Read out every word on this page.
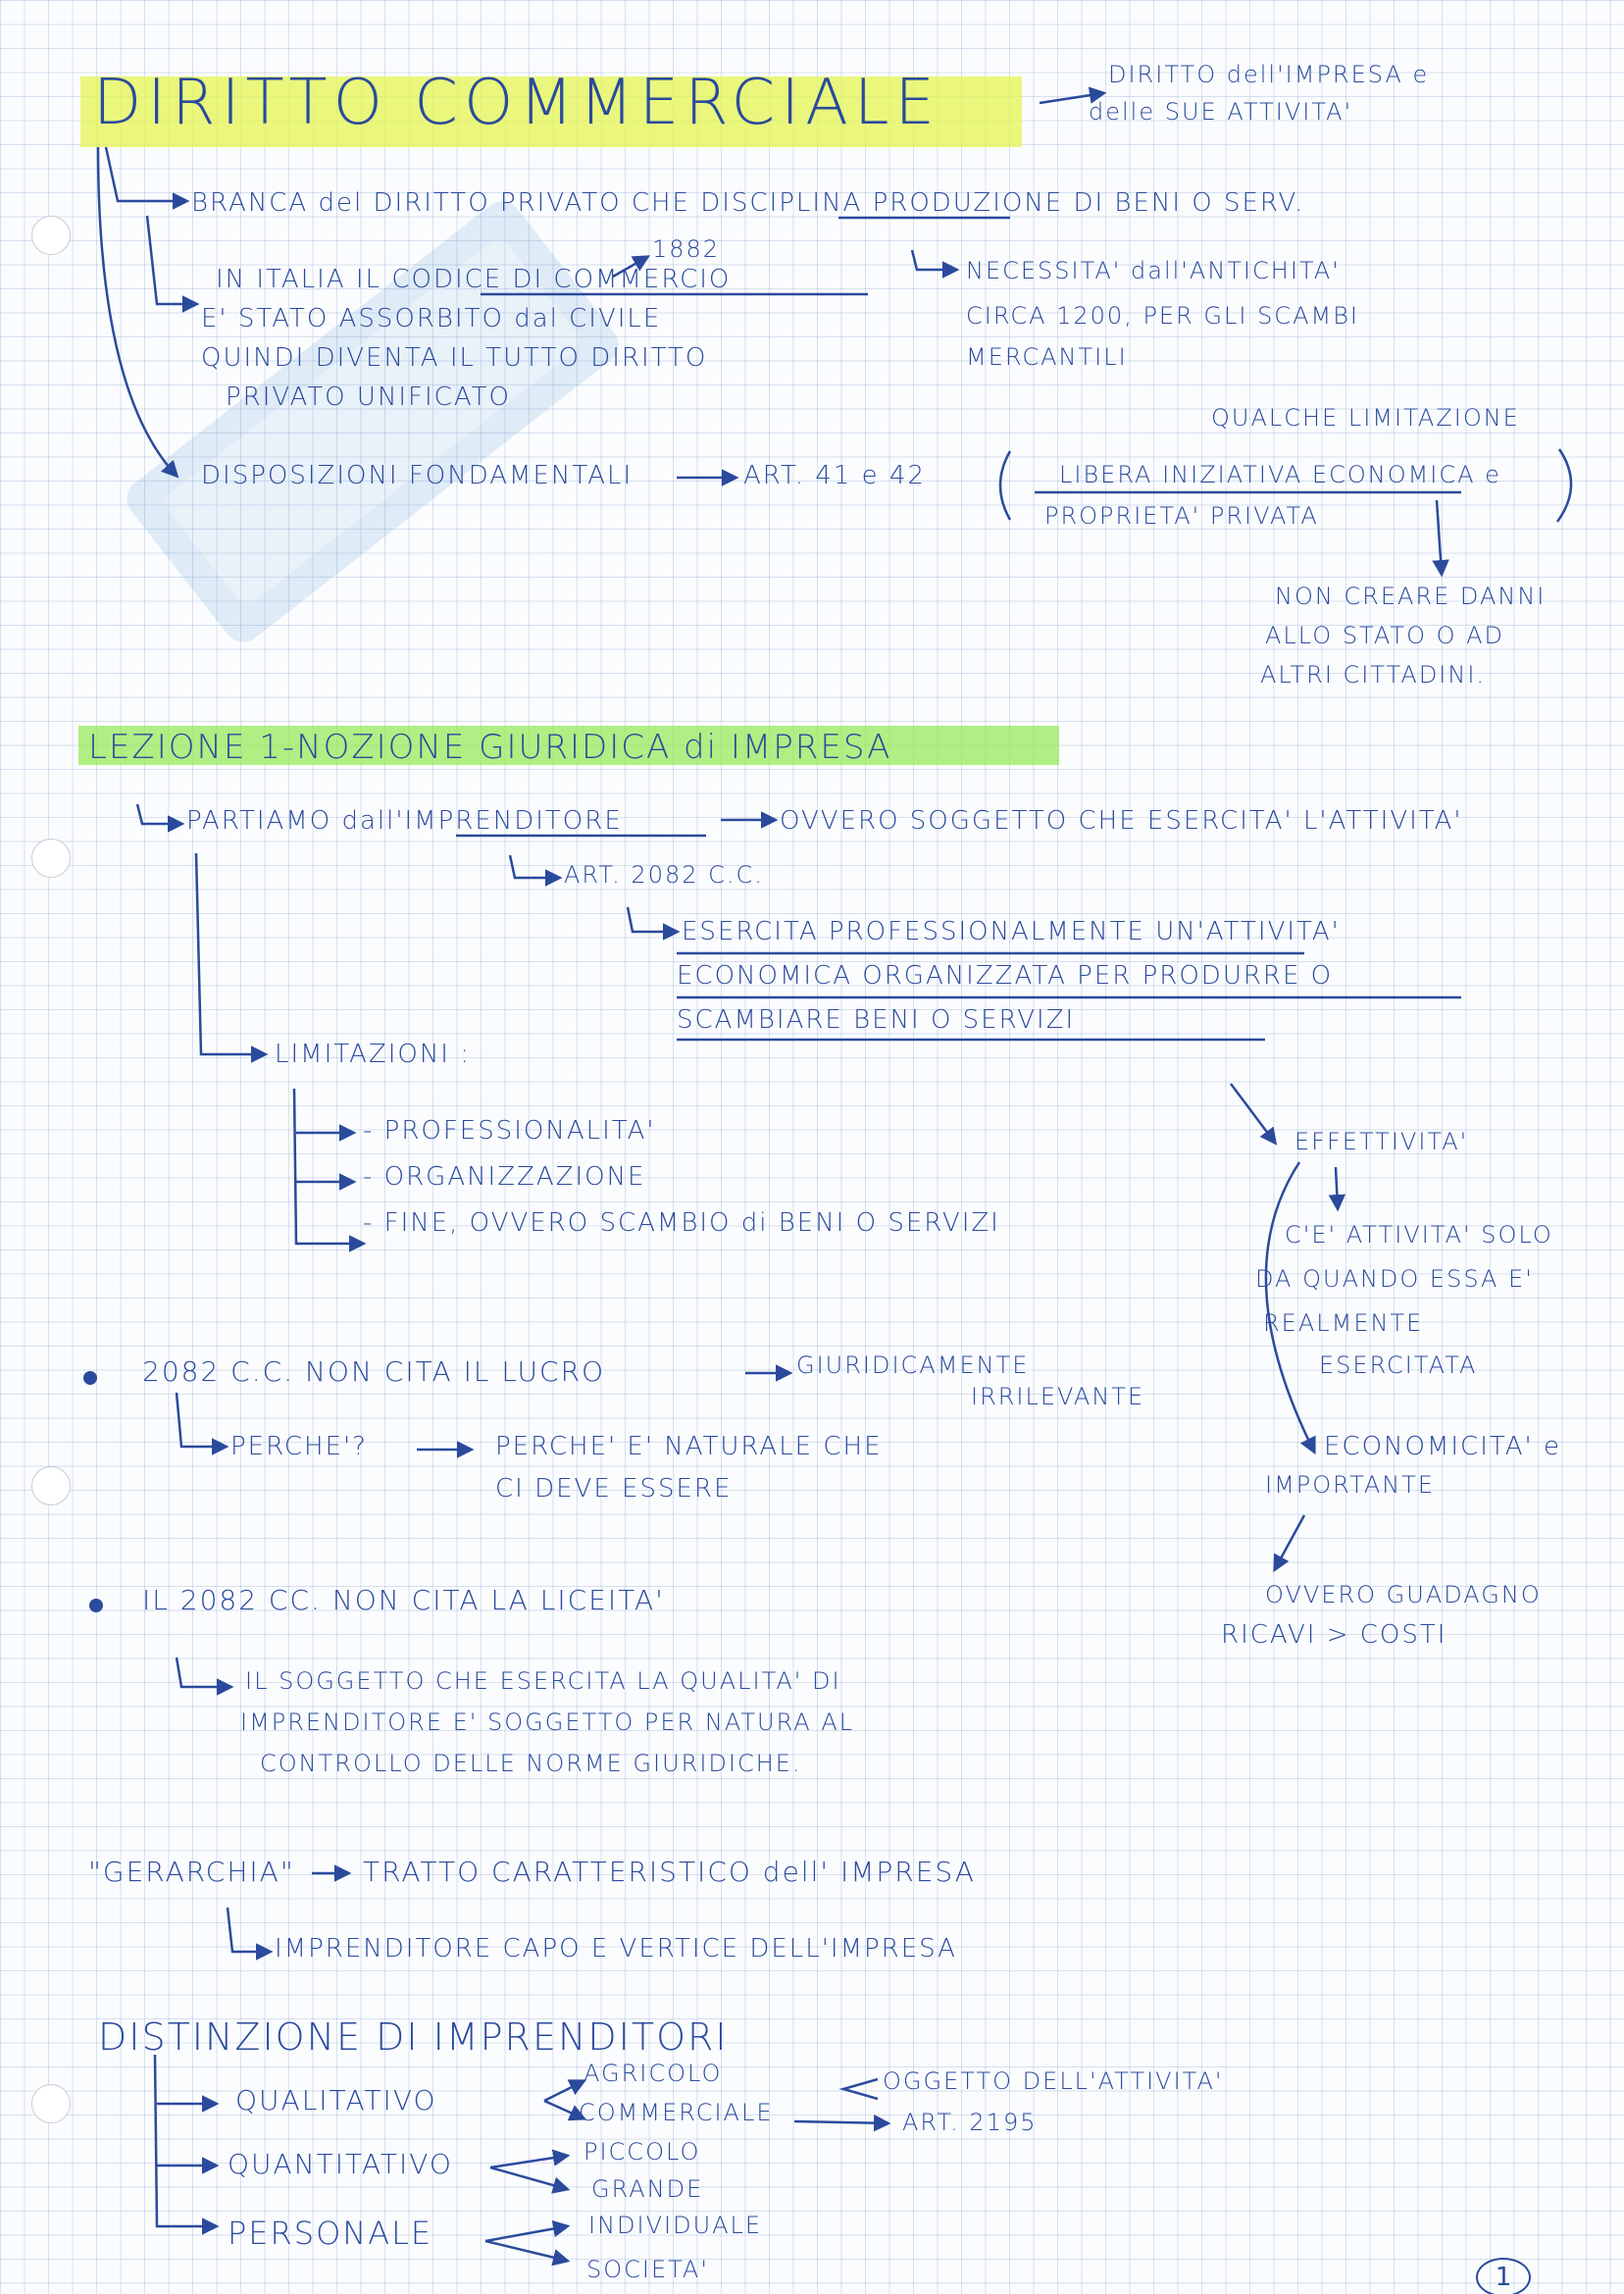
DIRITTO COMMERCIALE	DIRITTO dell'IMPRESA e
delle SUE ATTIVITA'
BRANCA del DIRITTO PRIVATO CHE DISCIPLINA PRODUZIONE DI BENI O SERV.
1882
IN ITALIA IL CODICE DI COMMERCIO
E' STATO ASSORBITO dal CIVILE
QUINDI DIVENTA IL TUTTO DIRITTO
PRIVATO UNIFICATO
NECESSITA' dall'ANTICHITA'
CIRCA 1200, PER GLI SCAMBI
MERCANTILI
QUALCHE LIMITAZIONE
DISPOSIZIONI FONDAMENTALI	ART. 41 e 42	LIBERA INIZIATIVA ECONOMICA e
PROPRIETA' PRIVATA
NON CREARE DANNI
ALLO STATO O AD
ALTRI CITTADINI.
LEZIONE 1-NOZIONE GIURIDICA di IMPRESA
PARTIAMO dall'IMPRENDITORE	OVVERO SOGGETTO CHE ESERCITA' L'ATTIVITA'
ART. 2082 C.C.
ESERCITA PROFESSIONALMENTE UN'ATTIVITA'
ECONOMICA ORGANIZZATA PER PRODURRE O
SCAMBIARE BENI O SERVIZI
LIMITAZIONI :
- PROFESSIONALITA'
- ORGANIZZAZIONE
- FINE, OVVERO SCAMBIO di BENI O SERVIZI
EFFETTIVITA'
C'E' ATTIVITA' SOLO
DA QUANDO ESSA E'
REALMENTE
ESERCITATA
ECONOMICITA' e
IMPORTANTE
OVVERO GUADAGNO
RICAVI > COSTI
2082 C.C. NON CITA IL LUCRO	GIURIDICAMENTE
IRRILEVANTE
PERCHE'?	PERCHE' E' NATURALE CHE
CI DEVE ESSERE
IL 2082 CC. NON CITA LA LICEITA'
IL SOGGETTO CHE ESERCITA LA QUALITA' DI
IMPRENDITORE E' SOGGETTO PER NATURA AL
CONTROLLO DELLE NORME GIURIDICHE.
"GERARCHIA" TRATTO CARATTERISTICO dell' IMPRESA
IMPRENDITORE CAPO E VERTICE DELL'IMPRESA
DISTINZIONE DI IMPRENDITORI
QUALITATIVO
AGRICOLO
COMMERCIALE
OGGETTO DELL'ATTIVITA'
ART. 2195
QUANTITATIVO	PICCOLO
GRANDE
PERSONALE	INDIVIDUALE
SOCIETA'	1
